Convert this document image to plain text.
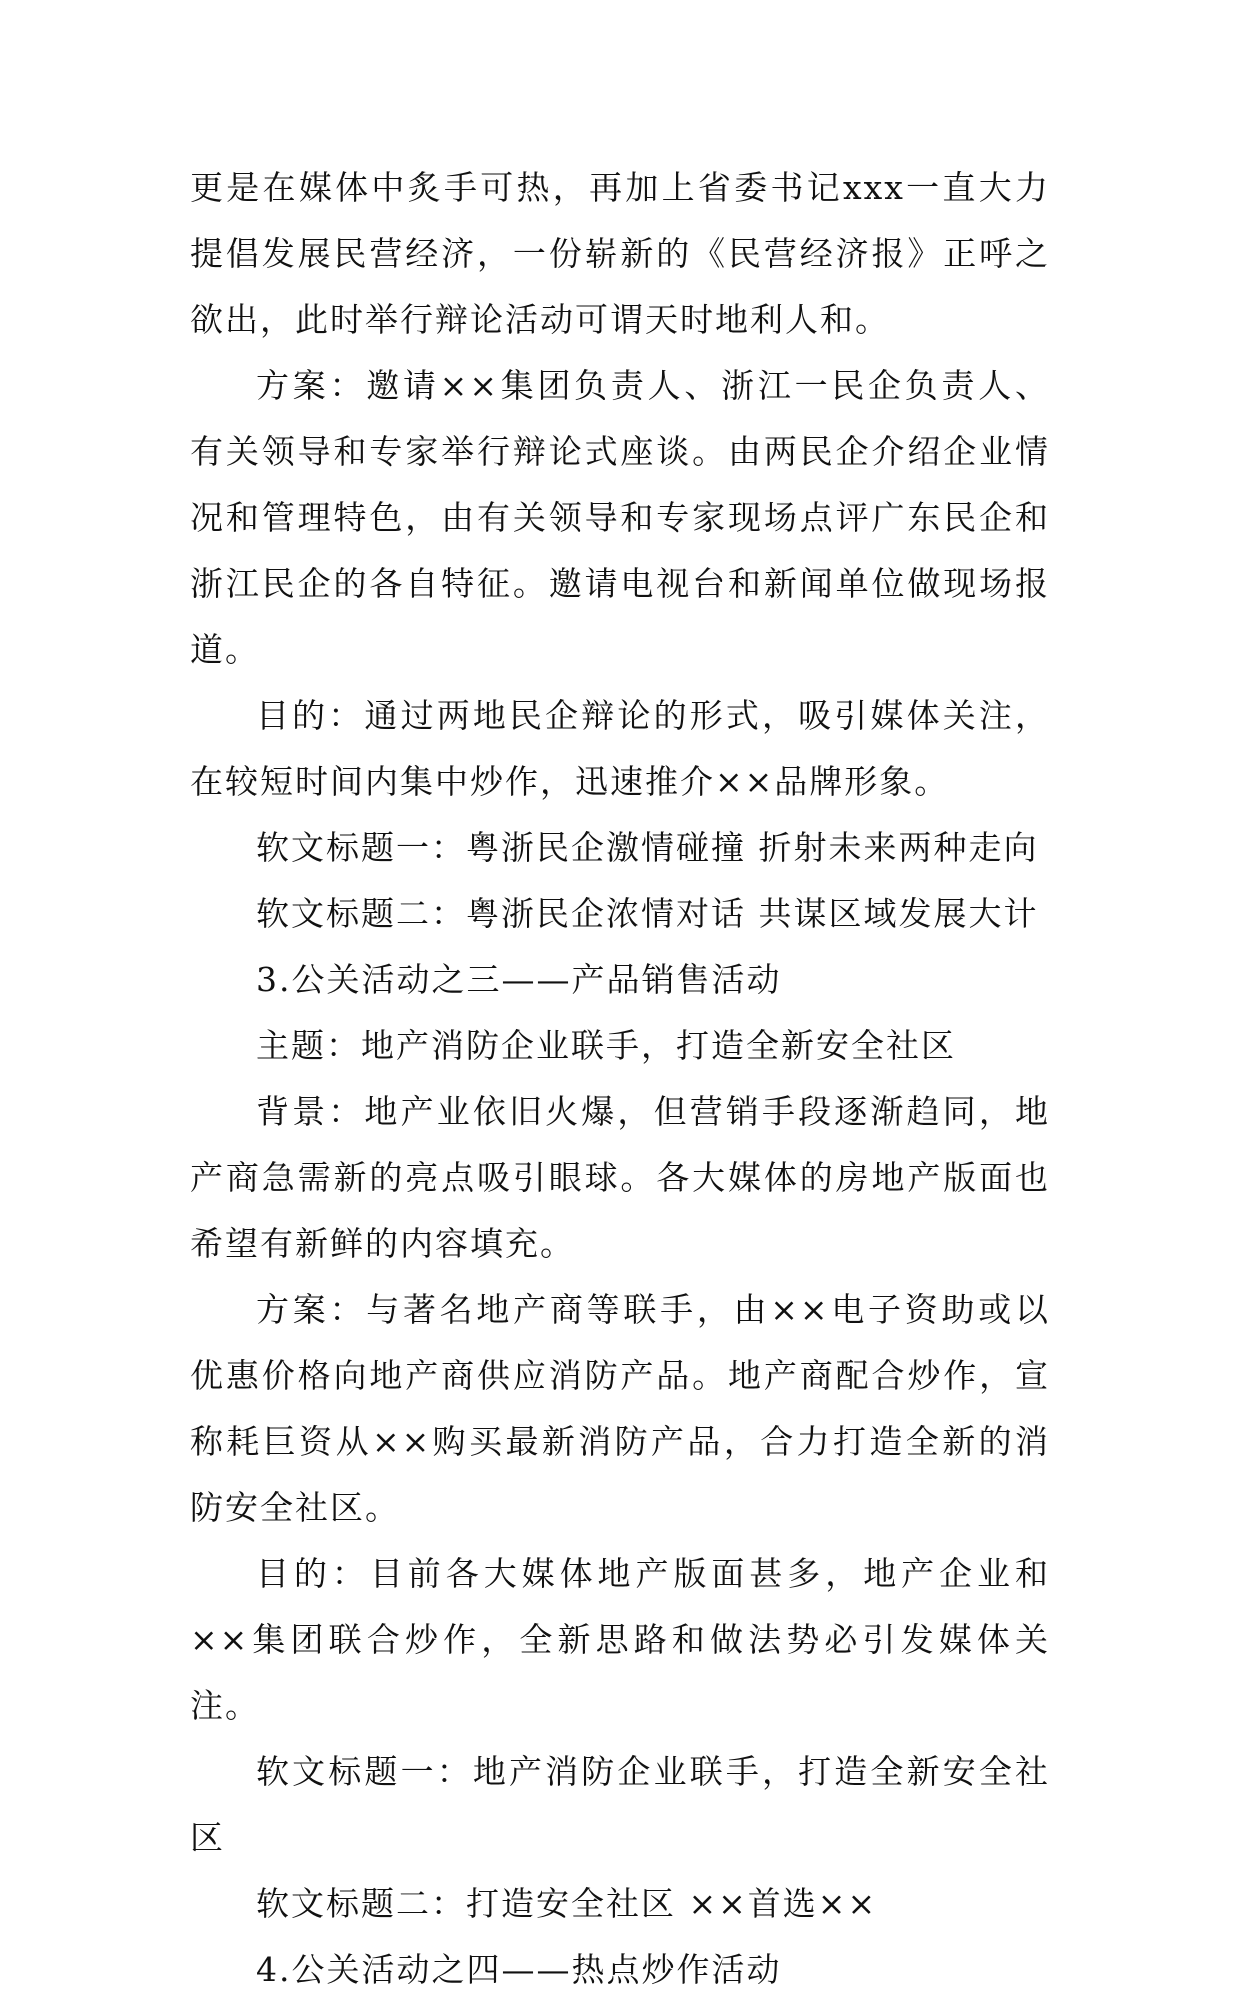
更是在媒体中炙手可热，再加上省委书记xxx一直大力提倡发展民营经济，一份崭新的《民营经济报》正呼之欲出，此时举行辩论活动可谓天时地利人和。

方案：邀请××集团负责人、浙江一民企负责人、有关领导和专家举行辩论式座谈。由两民企介绍企业情况和管理特色，由有关领导和专家现场点评广东民企和浙江民企的各自特征。邀请电视台和新闻单位做现场报道。

目的：通过两地民企辩论的形式，吸引媒体关注，在较短时间内集中炒作，迅速推介××品牌形象。

软文标题一：粤浙民企激情碰撞 折射未来两种走向

软文标题二：粤浙民企浓情对话 共谋区域发展大计

3.公关活动之三——产品销售活动

主题：地产消防企业联手，打造全新安全社区

背景：地产业依旧火爆，但营销手段逐渐趋同，地产商急需新的亮点吸引眼球。各大媒体的房地产版面也希望有新鲜的内容填充。

方案：与著名地产商等联手，由××电子资助或以优惠价格向地产商供应消防产品。地产商配合炒作，宣称耗巨资从××购买最新消防产品，合力打造全新的消防安全社区。

目的：目前各大媒体地产版面甚多，地产企业和××集团联合炒作，全新思路和做法势必引发媒体关注。

软文标题一：地产消防企业联手，打造全新安全社区

软文标题二：打造安全社区 ××首选××

4.公关活动之四——热点炒作活动
